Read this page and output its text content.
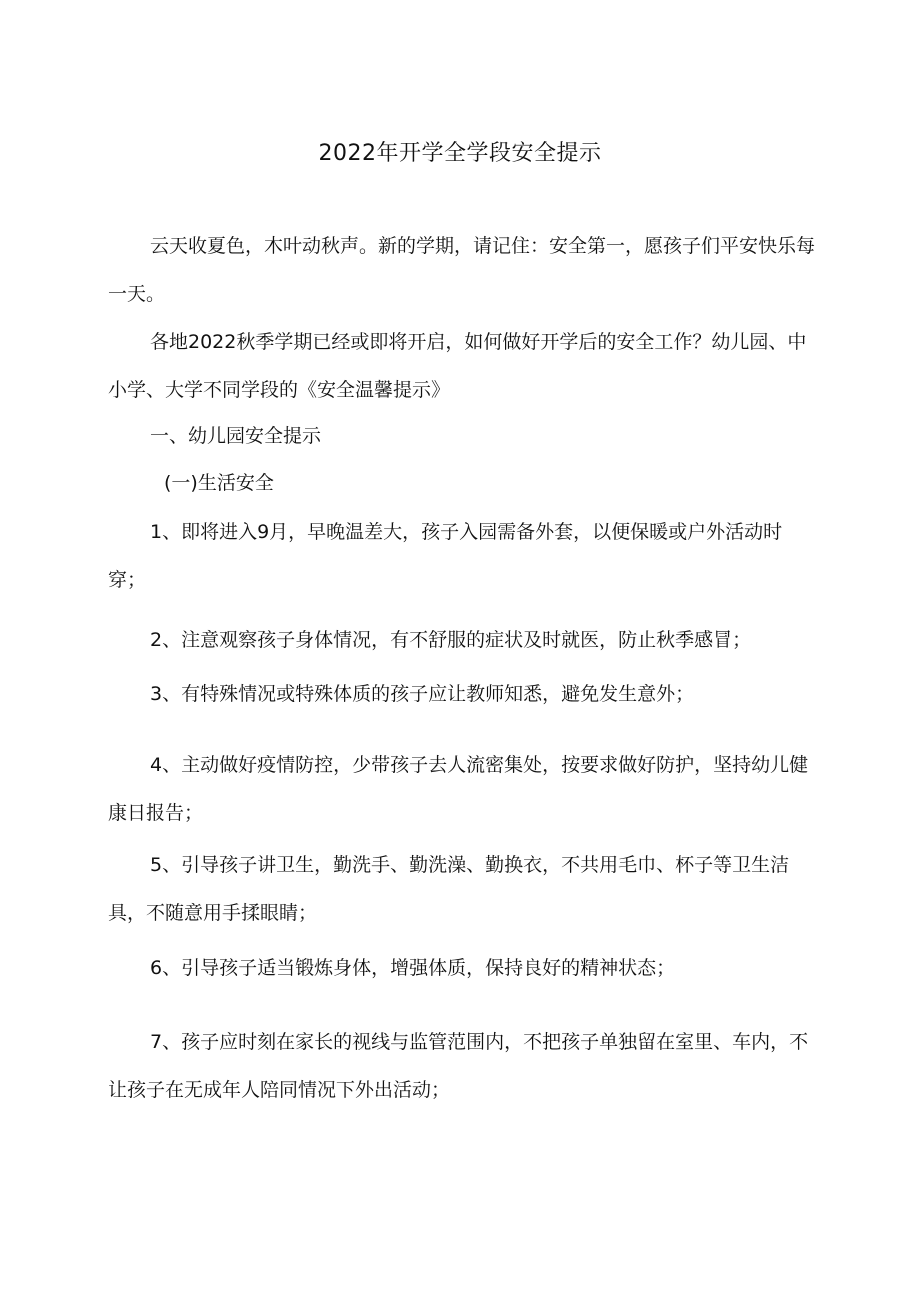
2022年开学全学段安全提示

云天收夏色，木叶动秋声。新的学期，请记住：安全第一，愿孩子们平安快乐每一天。

各地2022秋季学期已经或即将开启，如何做好开学后的安全工作？幼儿园、中小学、大学不同学段的《安全温馨提示》

一、幼儿园安全提示

(一)生活安全

1、即将进入9月，早晚温差大，孩子入园需备外套，以便保暖或户外活动时穿；

2、注意观察孩子身体情况，有不舒服的症状及时就医，防止秋季感冒；

3、有特殊情况或特殊体质的孩子应让教师知悉，避免发生意外；

4、主动做好疫情防控，少带孩子去人流密集处，按要求做好防护，坚持幼儿健康日报告；

5、引导孩子讲卫生，勤洗手、勤洗澡、勤换衣，不共用毛巾、杯子等卫生洁具，不随意用手揉眼睛；

6、引导孩子适当锻炼身体，增强体质，保持良好的精神状态；

7、孩子应时刻在家长的视线与监管范围内，不把孩子单独留在室里、车内，不让孩子在无成年人陪同情况下外出活动；
